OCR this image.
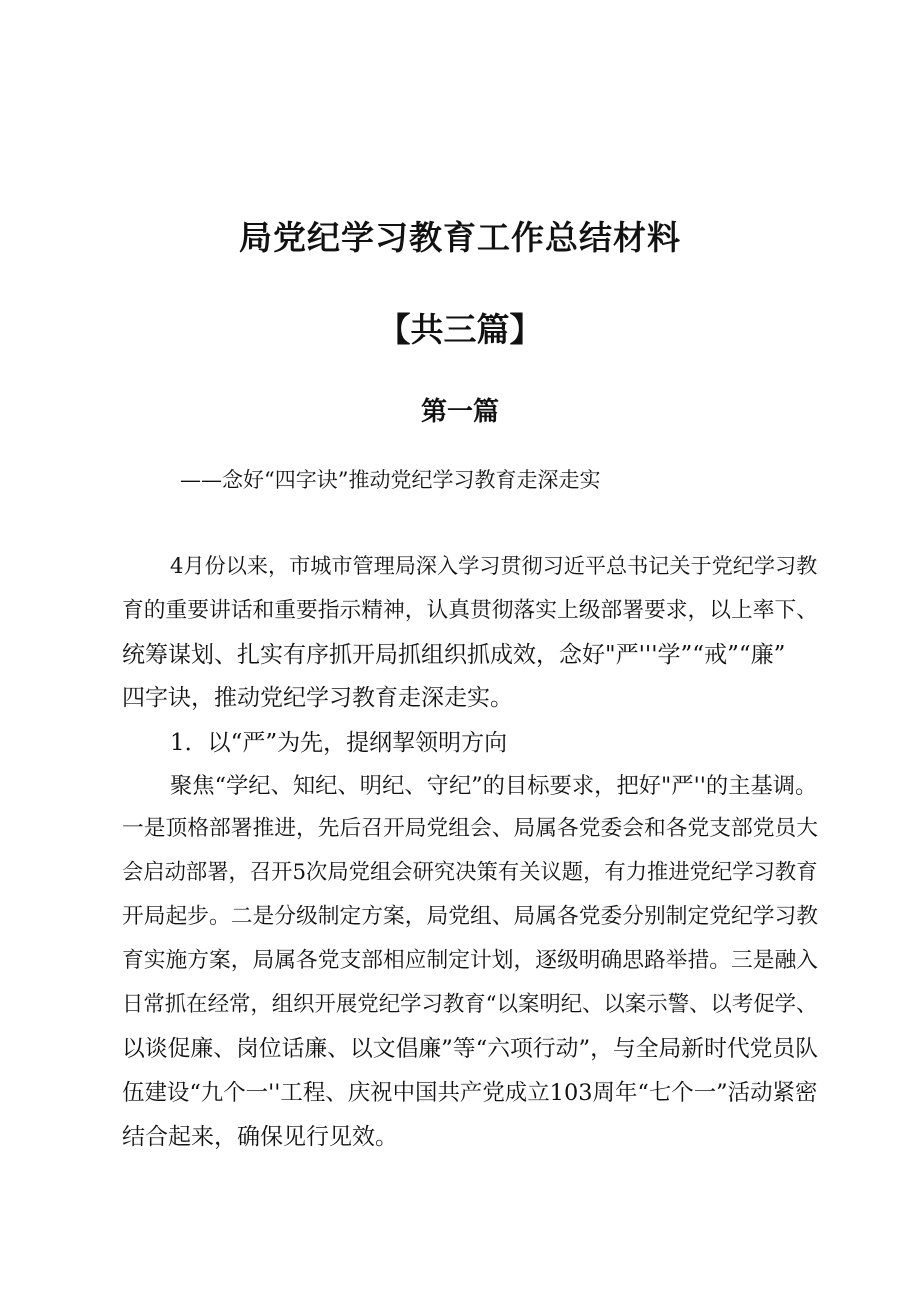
局党纪学习教育工作总结材料
【共三篇】
第一篇
——念好“四字诀”推动党纪学习教育走深走实
4月份以来，市城市管理局深入学习贯彻习近平总书记关于党纪学习教
育的重要讲话和重要指示精神，认真贯彻落实上级部署要求，以上率下、
统筹谋划、扎实有序抓开局抓组织抓成效，念好"严'''学”“戒”“廉”
四字诀，推动党纪学习教育走深走实。
1．以“严”为先，提纲挈领明方向
聚焦“学纪、知纪、明纪、守纪”的目标要求，把好"严''的主基调。
一是顶格部署推进，先后召开局党组会、局属各党委会和各党支部党员大
会启动部署，召开5次局党组会研究决策有关议题，有力推进党纪学习教育
开局起步。二是分级制定方案，局党组、局属各党委分别制定党纪学习教
育实施方案，局属各党支部相应制定计划，逐级明确思路举措。三是融入
日常抓在经常，组织开展党纪学习教育“以案明纪、以案示警、以考促学、
以谈促廉、岗位话廉、以文倡廉”等“六项行动”，与全局新时代党员队
伍建设“九个一''工程、庆祝中国共产党成立103周年“七个一”活动紧密
结合起来，确保见行见效。
